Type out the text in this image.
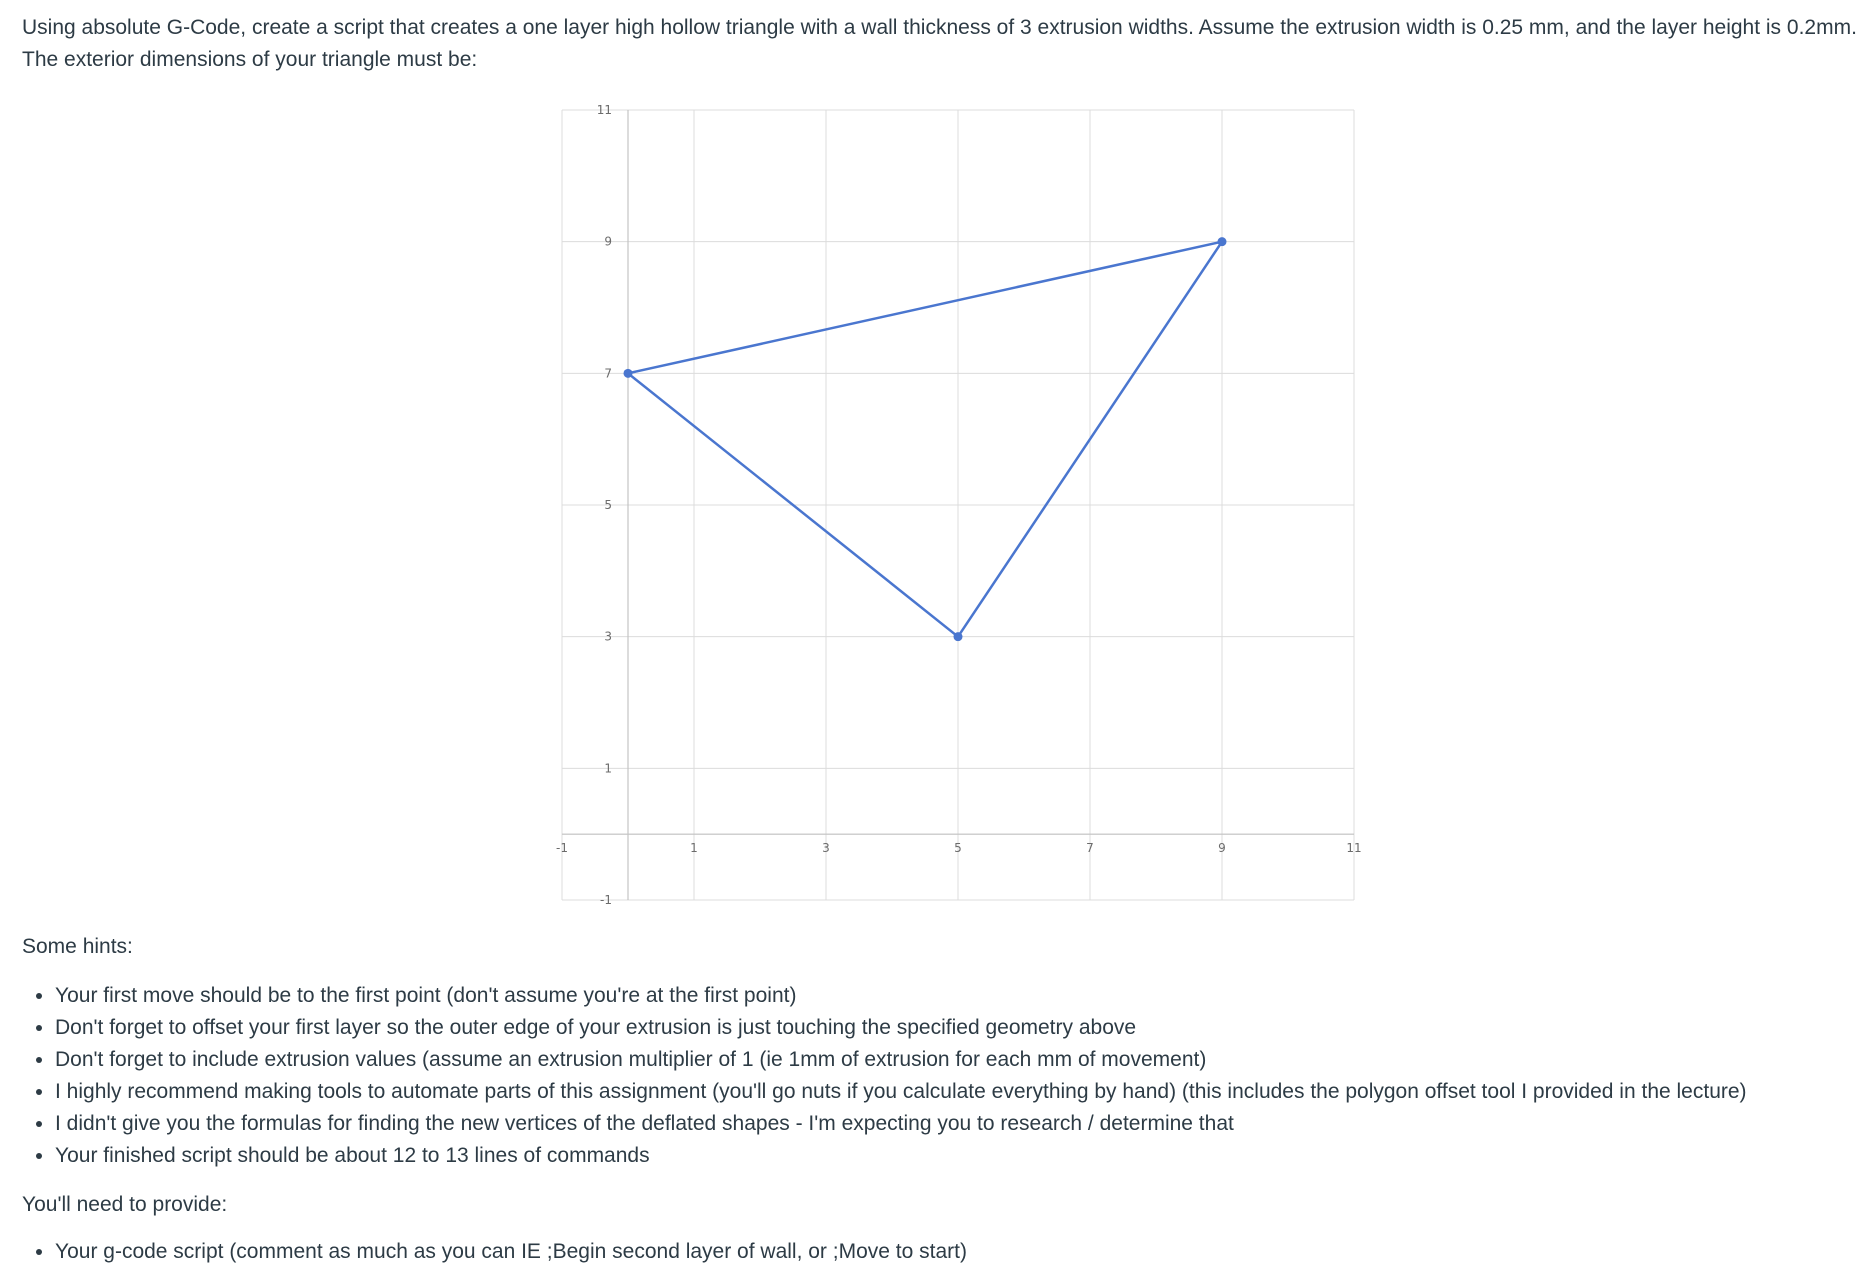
Using absolute G-Code, create a script that creates a one layer high hollow triangle with a wall thickness of 3 extrusion widths. Assume the extrusion width is 0.25 mm, and the layer height is 0.2mm.

The exterior dimensions of your triangle must be:

-1
1
3
5
7
9
11
-1	1	3	5	7	9	11
Some hints:
• Your first move should be to the first point (don't assume you're at the first point)
• Don't forget to offset your first layer so the outer edge of your extrusion is just touching the specified geometry above
• Don't forget to include extrusion values (assume an extrusion multiplier of 1 (ie 1mm of extrusion for each mm of movement)
• I highly recommend making tools to automate parts of this assignment (you'll go nuts if you calculate everything by hand) (this includes the polygon offset tool I provided in the lecture)
• I didn't give you the formulas for finding the new vertices of the deflated shapes - I'm expecting you to research / determine that
• Your finished script should be about 12 to 13 lines of commands
You'll need to provide:
• Your g-code script (comment as much as you can IE ;Begin second layer of wall, or ;Move to start)
